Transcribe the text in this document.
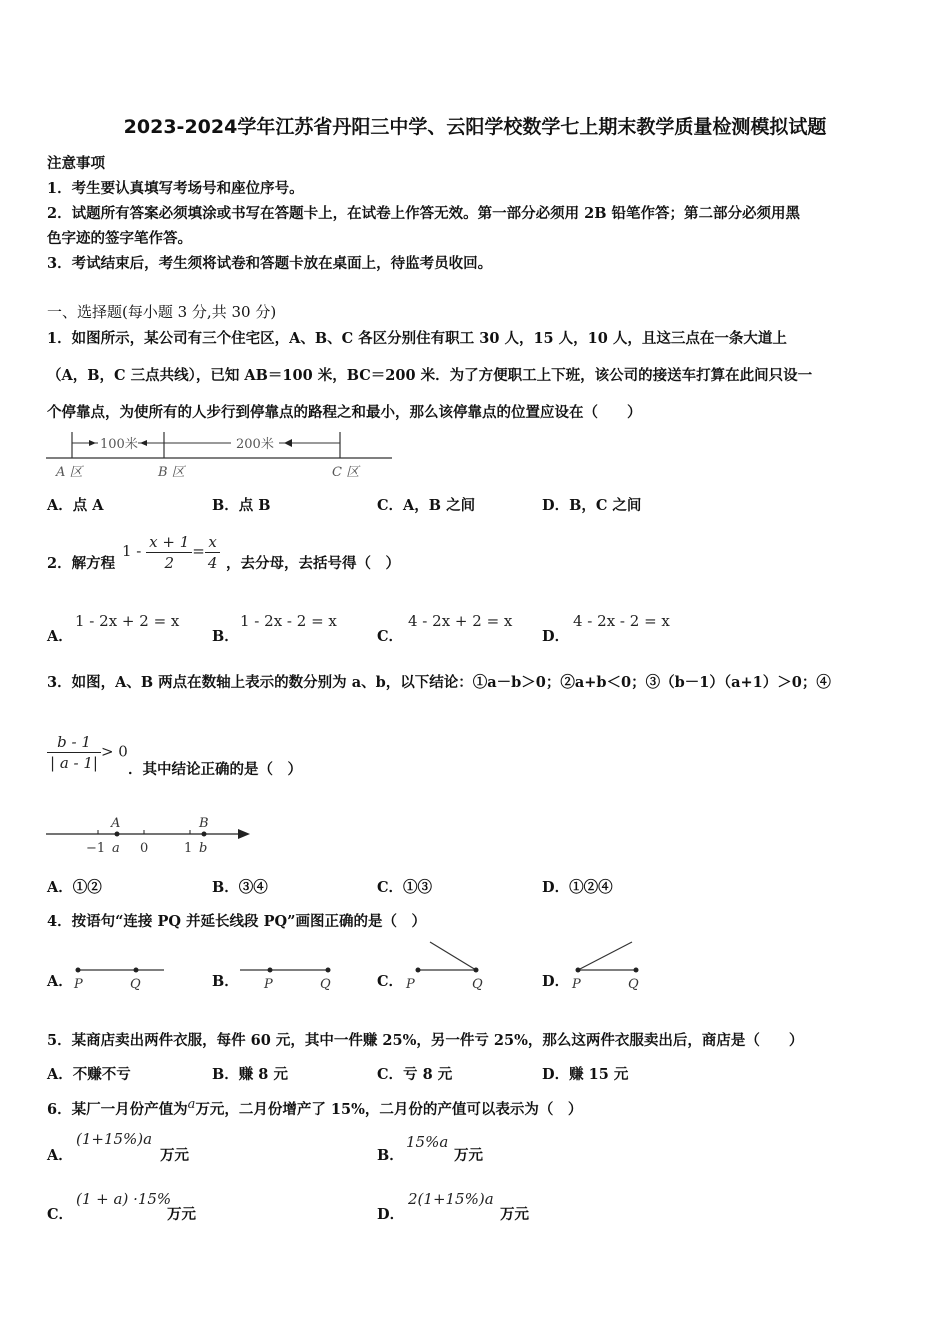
2023-2024学年江苏省丹阳三中学、云阳学校数学七上期末教学质量检测模拟试题
注意事项
1．考生要认真填写考场号和座位序号。
2．试题所有答案必须填涂或书写在答题卡上，在试卷上作答无效。第一部分必须用 2B 铅笔作答；第二部分必须用黑
色字迹的签字笔作答。
3．考试结束后，考生须将试卷和答题卡放在桌面上，待监考员收回。
一、选择题(每小题 3 分,共 30 分)
1．如图所示，某公司有三个住宅区，A、B、C 各区分别住有职工 30 人，15 人，10 人，且这三点在一条大道上
（A，B，C 三点共线），已知 AB＝100 米，BC＝200 米．为了方便职工上下班，该公司的接送车打算在此间只设一
个停靠点，为使所有的人步行到停靠点的路程之和最小，那么该停靠点的位置应设在（　　）
100米	200米
A 区	B 区	C 区
A．点 A	B．点 B	C．A，B 之间	D．B，C 之间
2．解方程
$1 - \frac{x + 1}{2} = \frac{x}{4}$ ，去分母，去括号得（　）
A．
1 - 2x + 2 = x
B．
1 - 2x - 2 = x
C．
4 - 2x + 2 = x
D．
4 - 2x - 2 = x
3．如图，A、B 两点在数轴上表示的数分别为 a、b，以下结论：①a－b＞0；②a+b＜0；③（b－1）（a+1）＞0；④
$\frac{b - 1}{| a - 1|} > 0$
．其中结论正确的是（　）
A	B
−1 a 0	1 b
A．①②	B．③④	C．①③	D．①②④
4．按语句“连接 PQ 并延长线段 PQ”画图正确的是（　）
A． P	Q	B． P	Q	C． P	Q	D． P	Q
5．某商店卖出两件衣服，每件 60 元，其中一件赚 25%，另一件亏 25%，那么这两件衣服卖出后，商店是（　　）
A．不赚不亏	B．赚 8 元	C．亏 8 元	D．赚 15 元
6．某厂一月份产值为$^a$万元，二月份增产了 15%，二月份的产值可以表示为（　）
A．
(1+15%)a
万元	B．
15%a
万元
C．
(1 + a) ·15%
万元	D．
2(1+15%)a
万元
